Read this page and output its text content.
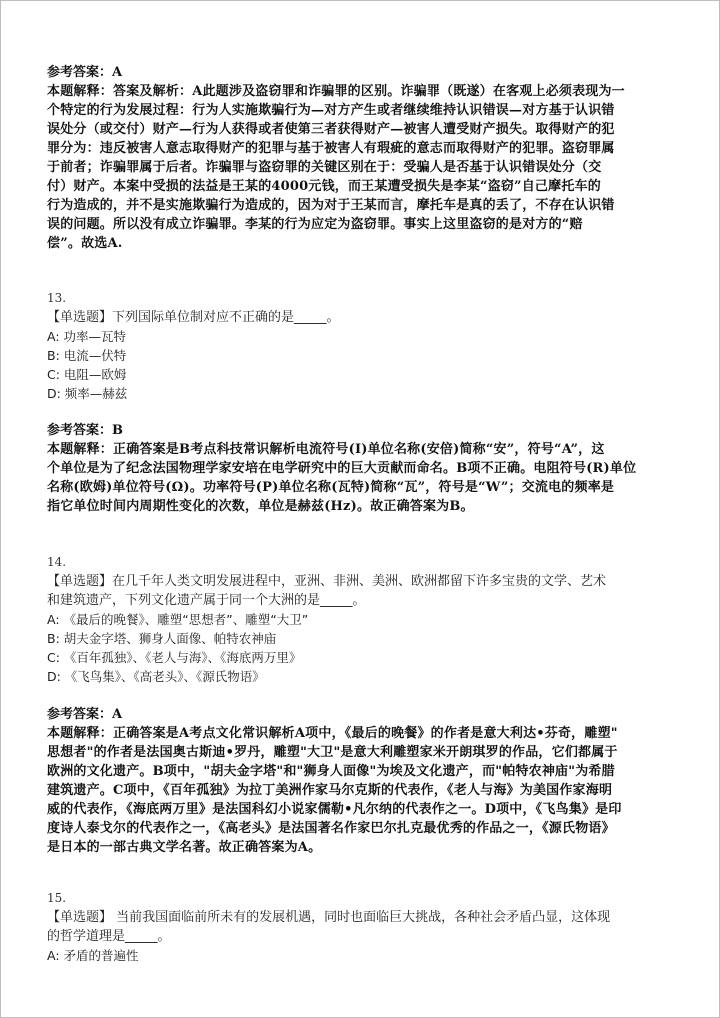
参考答案：A
本题解释：答案及解析：A此题涉及盗窃罪和诈骗罪的区别。诈骗罪（既遂）在客观上必须表现为一
个特定的行为发展过程：行为人实施欺骗行为—对方产生或者继续维持认识错误—对方基于认识错
误处分（或交付）财产—行为人获得或者使第三者获得财产—被害人遭受财产损失。取得财产的犯
罪分为：违反被害人意志取得财产的犯罪与基于被害人有瑕疵的意志而取得财产的犯罪。盗窃罪属
于前者；诈骗罪属于后者。诈骗罪与盗窃罪的关键区别在于：受骗人是否基于认识错误处分（交
付）财产。本案中受损的法益是王某的4000元钱，而王某遭受损失是李某“盗窃”自己摩托车的
行为造成的，并不是实施欺骗行为造成的，因为对于王某而言，摩托车是真的丢了，不存在认识错
误的问题。所以没有成立诈骗罪。李某的行为应定为盗窃罪。事实上这里盗窃的是对方的“赔
偿”。故选A.
13.
【单选题】下列国际单位制对应不正确的是_____。
A: 功率—瓦特
B: 电流—伏特
C: 电阻—欧姆
D: 频率—赫兹
参考答案：B
本题解释：正确答案是B考点科技常识解析电流符号(I)单位名称(安倍)简称“安”，符号“A”，这
个单位是为了纪念法国物理学家安培在电学研究中的巨大贡献而命名。B项不正确。电阻符号(R)单位
名称(欧姆)单位符号(Ω)。功率符号(P)单位名称(瓦特)简称“瓦”，符号是“W”；交流电的频率是
指它单位时间内周期性变化的次数，单位是赫兹(Hz)。故正确答案为B。
14.
【单选题】在几千年人类文明发展进程中，亚洲、非洲、美洲、欧洲都留下许多宝贵的文学、艺术
和建筑遗产，下列文化遗产属于同一个大洲的是_____。
A: 《最后的晚餐》、雕塑“思想者”、雕塑“大卫”
B: 胡夫金字塔、狮身人面像、帕特农神庙
C: 《百年孤独》、《老人与海》、《海底两万里》
D: 《飞鸟集》、《高老头》、《源氏物语》
参考答案：A
本题解释：正确答案是A考点文化常识解析A项中，《最后的晚餐》的作者是意大利达•芬奇，雕塑"
思想者"的作者是法国奥古斯迪•罗丹，雕塑"大卫"是意大利雕塑家米开朗琪罗的作品，它们都属于
欧洲的文化遗产。B项中，"胡夫金字塔"和"狮身人面像"为埃及文化遗产，而"帕特农神庙"为希腊
建筑遗产。C项中，《百年孤独》为拉丁美洲作家马尔克斯的代表作，《老人与海》为美国作家海明
威的代表作，《海底两万里》是法国科幻小说家儒勒•凡尔纳的代表作之一。D项中，《飞鸟集》是印
度诗人泰戈尔的代表作之一，《高老头》是法国著名作家巴尔扎克最优秀的作品之一，《源氏物语》
是日本的一部古典文学名著。故正确答案为A。
15.
【单选题】 当前我国面临前所未有的发展机遇，同时也面临巨大挑战，各种社会矛盾凸显，这体现
的哲学道理是_____。
A: 矛盾的普遍性
